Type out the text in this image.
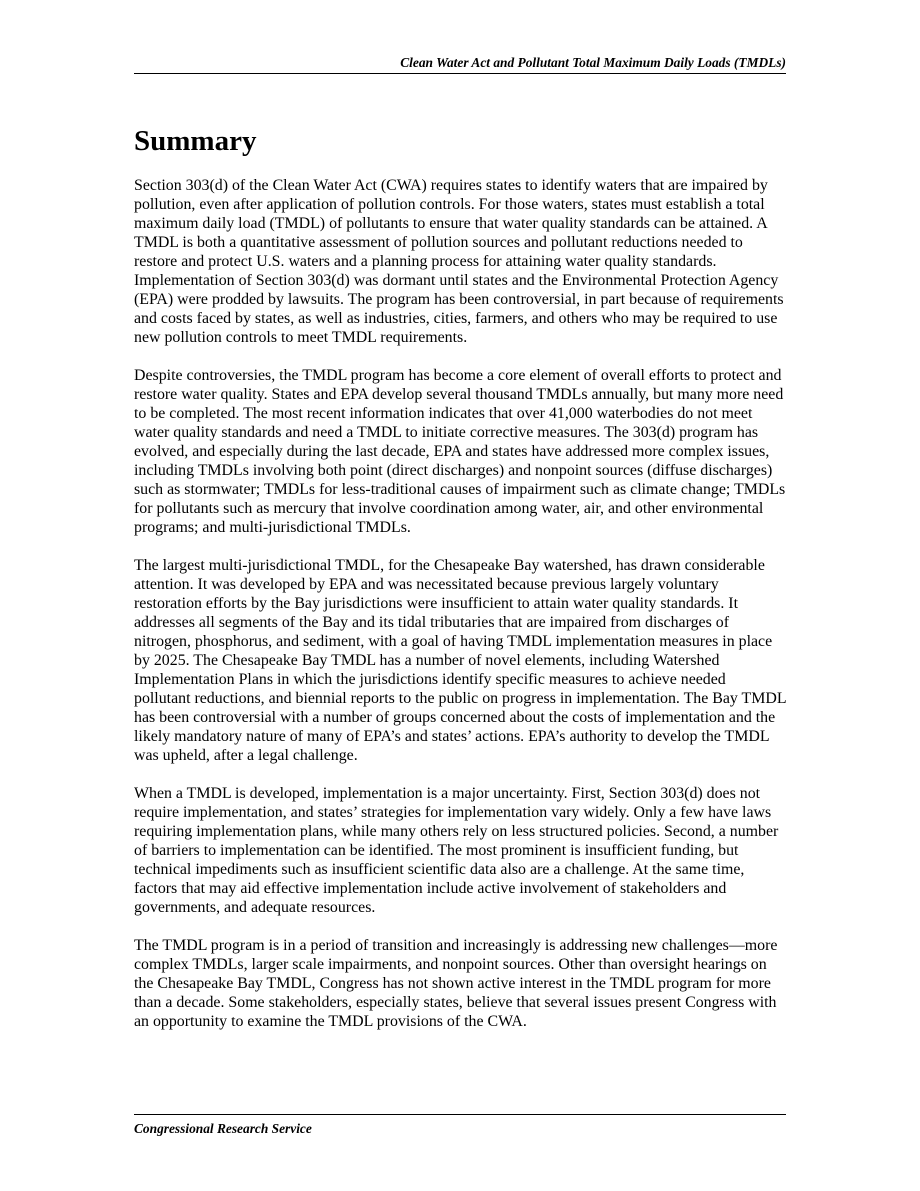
Clean Water Act and Pollutant Total Maximum Daily Loads (TMDLs)
Summary

Section 303(d) of the Clean Water Act (CWA) requires states to identify waters that are impaired by pollution, even after application of pollution controls. For those waters, states must establish a total maximum daily load (TMDL) of pollutants to ensure that water quality standards can be attained. A TMDL is both a quantitative assessment of pollution sources and pollutant reductions needed to restore and protect U.S. waters and a planning process for attaining water quality standards. Implementation of Section 303(d) was dormant until states and the Environmental Protection Agency (EPA) were prodded by lawsuits. The program has been controversial, in part because of requirements and costs faced by states, as well as industries, cities, farmers, and others who may be required to use new pollution controls to meet TMDL requirements.

Despite controversies, the TMDL program has become a core element of overall efforts to protect and restore water quality. States and EPA develop several thousand TMDLs annually, but many more need to be completed. The most recent information indicates that over 41,000 waterbodies do not meet water quality standards and need a TMDL to initiate corrective measures. The 303(d) program has evolved, and especially during the last decade, EPA and states have addressed more complex issues, including TMDLs involving both point (direct discharges) and nonpoint sources (diffuse discharges) such as stormwater; TMDLs for less-traditional causes of impairment such as climate change; TMDLs for pollutants such as mercury that involve coordination among water, air, and other environmental programs; and multi-jurisdictional TMDLs.

The largest multi-jurisdictional TMDL, for the Chesapeake Bay watershed, has drawn considerable attention. It was developed by EPA and was necessitated because previous largely voluntary restoration efforts by the Bay jurisdictions were insufficient to attain water quality standards. It addresses all segments of the Bay and its tidal tributaries that are impaired from discharges of nitrogen, phosphorus, and sediment, with a goal of having TMDL implementation measures in place by 2025. The Chesapeake Bay TMDL has a number of novel elements, including Watershed Implementation Plans in which the jurisdictions identify specific measures to achieve needed pollutant reductions, and biennial reports to the public on progress in implementation. The Bay TMDL has been controversial with a number of groups concerned about the costs of implementation and the likely mandatory nature of many of EPA’s and states’ actions. EPA’s authority to develop the TMDL was upheld, after a legal challenge.

When a TMDL is developed, implementation is a major uncertainty. First, Section 303(d) does not require implementation, and states’ strategies for implementation vary widely. Only a few have laws requiring implementation plans, while many others rely on less structured policies. Second, a number of barriers to implementation can be identified. The most prominent is insufficient funding, but technical impediments such as insufficient scientific data also are a challenge. At the same time, factors that may aid effective implementation include active involvement of stakeholders and governments, and adequate resources.

The TMDL program is in a period of transition and increasingly is addressing new challenges—more complex TMDLs, larger scale impairments, and nonpoint sources. Other than oversight hearings on the Chesapeake Bay TMDL, Congress has not shown active interest in the TMDL program for more than a decade. Some stakeholders, especially states, believe that several issues present Congress with an opportunity to examine the TMDL provisions of the CWA.

Congressional Research Service
